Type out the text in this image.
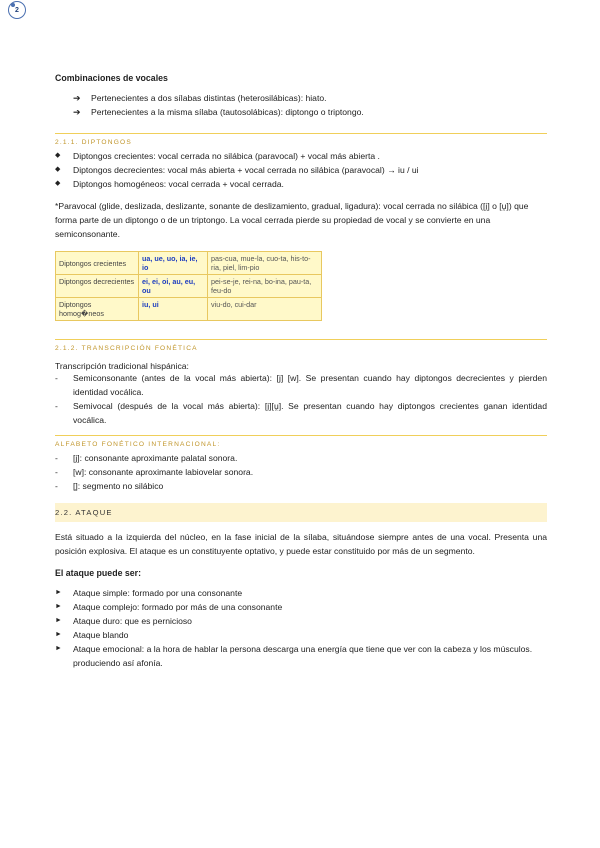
2
Combinaciones de vocales
➔ Pertenecientes a dos sílabas distintas (heterosilábicas): hiato.
➔ Pertenecientes a la misma sílaba (tautosolábicas): diptongo o triptongo.
2.1.1. DIPTONGOS
◆ Diptongos crecientes: vocal cerrada no silábica (paravocal) + vocal más abierta .
◆ Diptongos decrecientes: vocal más abierta + vocal cerrada no silábica (paravocal) → iu / ui
◆ Diptongos homogéneos: vocal cerrada + vocal cerrada.

*Paravocal (glide, deslizada, deslizante, sonante de deslizamiento, gradual, ligadura): vocal cerrada no silábica ([i̯] o [u̯]) que forma parte de un diptongo o de un triptongo. La vocal cerrada pierde su propiedad de vocal y se convierte en una semiconsonante.

Diptongos crecientes	ua, ue, uo, ia, ie, io	pas-cua, mue-la, cuo-ta, his-to-ria, piel, lim-pio
Diptongos decrecientes	ei, ei, oi, au, eu, ou	pei-se-je, rei-na, bo-ina, pau-ta, feu-do
Diptongos homog�neos	iu, ui	viu-do, cui-dar
2.1.2. TRANSCRIPCIÓN FONÉTICA
Transcripción tradicional hispánica:
- Semiconsonante (antes de la vocal más abierta): [j] [w]. Se presentan cuando hay diptongos decrecientes y pierden identidad vocálica.
- Semivocal (después de la vocal más abierta): [i̯][u̯]. Se presentan cuando hay diptongos crecientes ganan identidad vocálica.
ALFABETO FONÉTICO INTERNACIONAL:
- [j]: consonante aproximante palatal sonora.
- [w]: consonante aproximante labiovelar sonora.
- [̯]: segmento no silábico
2.2. ATAQUE

Está situado a la izquierda del núcleo, en la fase inicial de la sílaba, situándose siempre antes de una vocal. Presenta una posición explosiva. El ataque es un constituyente optativo, y puede estar constituido por más de un segmento.

El ataque puede ser:
► Ataque simple: formado por una consonante
► Ataque complejo: formado por más de una consonante
► Ataque duro: que es pernicioso
► Ataque blando
► Ataque emocional: a la hora de hablar la persona descarga una energía que tiene que ver con la cabeza y los músculos. produciendo así afonía.
